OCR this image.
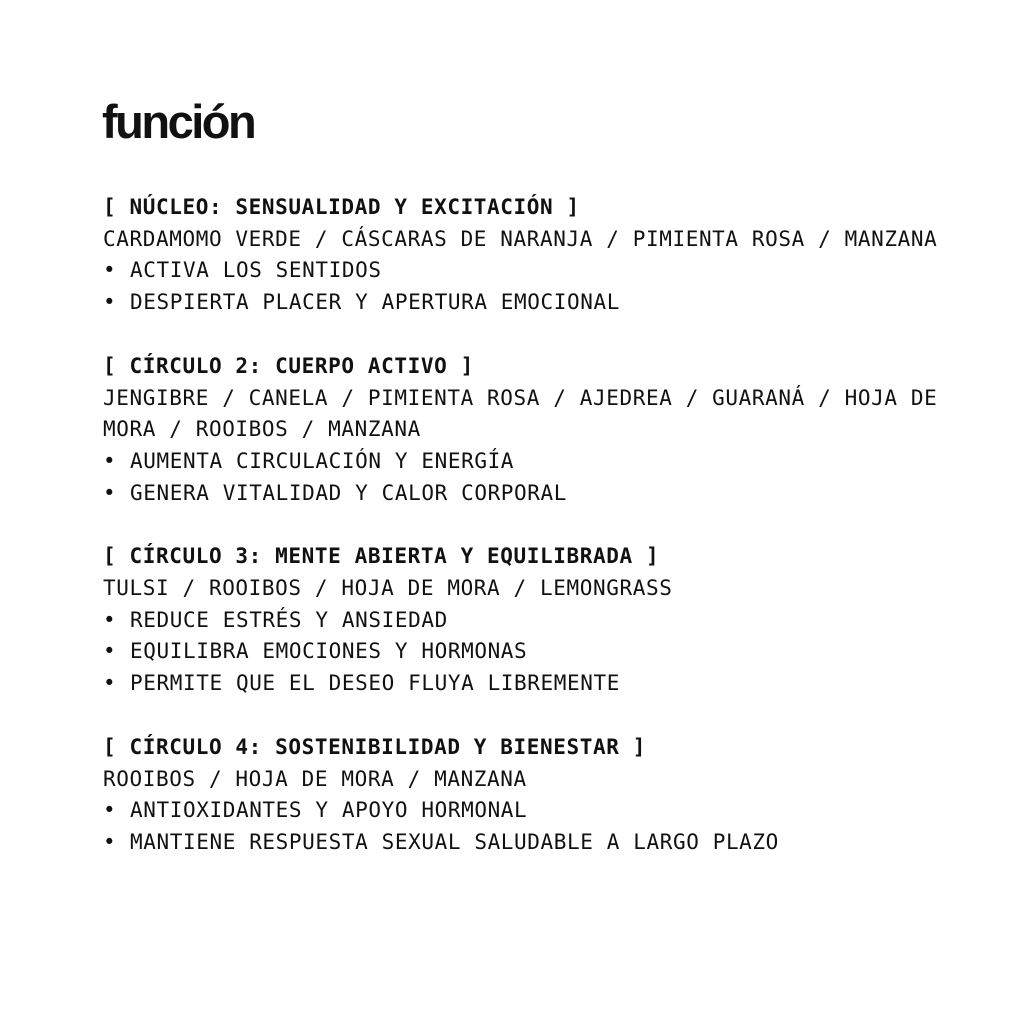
función
[ NÚCLEO: SENSUALIDAD Y EXCITACIÓN ]
CARDAMOMO VERDE / CÁSCARAS DE NARANJA / PIMIENTA ROSA / MANZANA
• ACTIVA LOS SENTIDOS
• DESPIERTA PLACER Y APERTURA EMOCIONAL
[ CÍRCULO 2: CUERPO ACTIVO ]
JENGIBRE / CANELA / PIMIENTA ROSA / AJEDREA / GUARANÁ / HOJA DE MORA / ROOIBOS / MANZANA
• AUMENTA CIRCULACIÓN Y ENERGÍA
• GENERA VITALIDAD Y CALOR CORPORAL
[ CÍRCULO 3: MENTE ABIERTA Y EQUILIBRADA ]
TULSI / ROOIBOS / HOJA DE MORA / LEMONGRASS
• REDUCE ESTRÉS Y ANSIEDAD
• EQUILIBRA EMOCIONES Y HORMONAS
• PERMITE QUE EL DESEO FLUYA LIBREMENTE
[ CÍRCULO 4: SOSTENIBILIDAD Y BIENESTAR ]
ROOIBOS / HOJA DE MORA / MANZANA
• ANTIOXIDANTES Y APOYO HORMONAL
• MANTIENE RESPUESTA SEXUAL SALUDABLE A LARGO PLAZO
